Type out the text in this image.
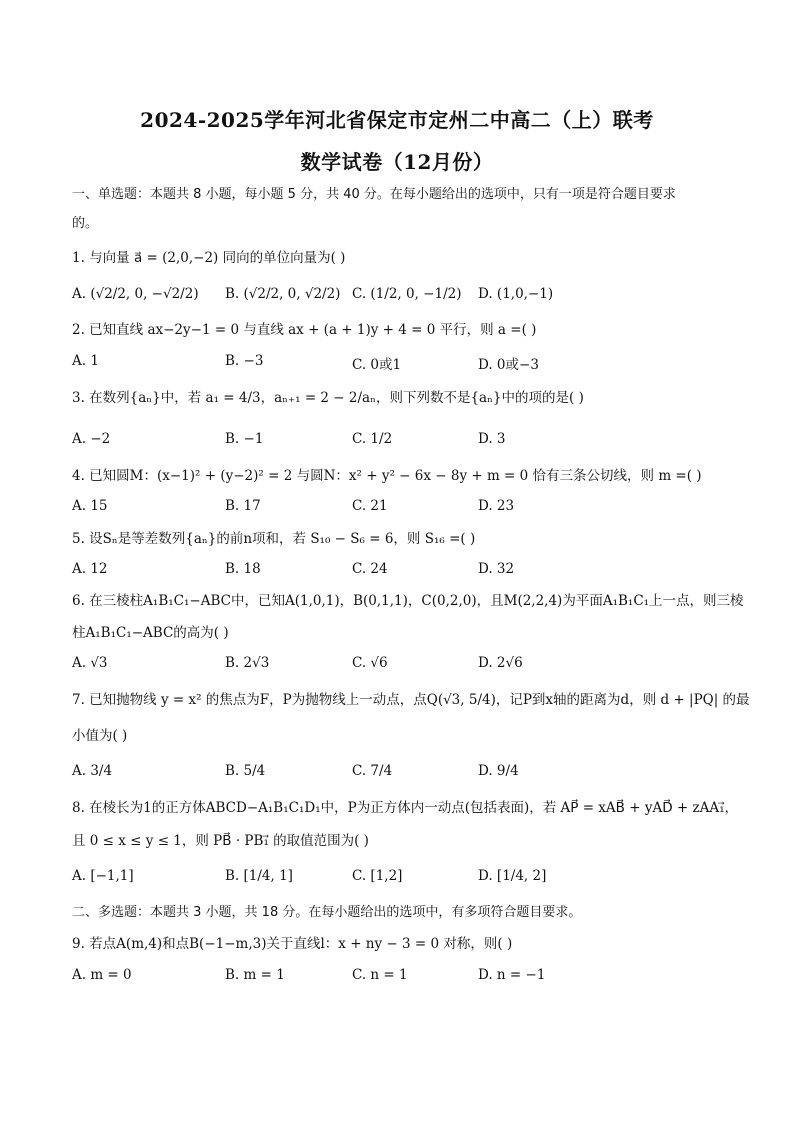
2024-2025学年河北省保定市定州二中高二（上）联考
数学试卷（12月份）
一、单选题：本题共 8 小题，每小题 5 分，共 40 分。在每小题给出的选项中，只有一项是符合题目要求
的。
1. 与向量 a⃗ = (2,0,−2) 同向的单位向量为( )
A. (√2/2, 0, −√2/2) B. (√2/2, 0, √2/2) C. (1/2, 0, −1/2) D. (1,0,−1)
2. 已知直线 ax−2y−1 = 0 与直线 ax + (a + 1)y + 4 = 0 平行，则 a =( )
A. 1	B. −3	C. 0或1	D. 0或−3
3. 在数列{aₙ}中，若 a₁ = 4/3，aₙ₊₁ = 2 − 2/aₙ，则下列数不是{aₙ}中的项的是( )
A. −2	B. −1	C. 1/2	D. 3
4. 已知圆M：(x−1)² + (y−2)² = 2 与圆N：x² + y² − 6x − 8y + m = 0 恰有三条公切线，则 m =( )
A. 15	B. 17	C. 21	D. 23
5. 设Sₙ是等差数列{aₙ}的前n项和，若 S₁₀ − S₆ = 6，则 S₁₆ =( )
A. 12	B. 18	C. 24	D. 32
6. 在三棱柱A₁B₁C₁−ABC中，已知A(1,0,1)，B(0,1,1)，C(0,2,0)，且M(2,2,4)为平面A₁B₁C₁上一点，则三棱
柱A₁B₁C₁−ABC的高为( )
A. √3	B. 2√3	C. √6	D. 2√6
7. 已知抛物线 y = x² 的焦点为F，P为抛物线上一动点，点Q(√3, 5/4)，记P到x轴的距离为d，则 d + |PQ| 的最
小值为( )
A. 3/4	B. 5/4	C. 7/4	D. 9/4
8. 在棱长为1的正方体ABCD−A₁B₁C₁D₁中，P为正方体内一动点(包括表面)，若 AP⃗ = xAB⃗ + yAD⃗ + zAA₁⃗，
且 0 ≤ x ≤ y ≤ 1，则 PB⃗ · PB₁⃗ 的取值范围为( )
A. [−1,1]	B. [1/4, 1]	C. [1,2]	D. [1/4, 2]
二、多选题：本题共 3 小题，共 18 分。在每小题给出的选项中，有多项符合题目要求。
9. 若点A(m,4)和点B(−1−m,3)关于直线l：x + ny − 3 = 0 对称，则( )
A. m = 0	B. m = 1	C. n = 1	D. n = −1
